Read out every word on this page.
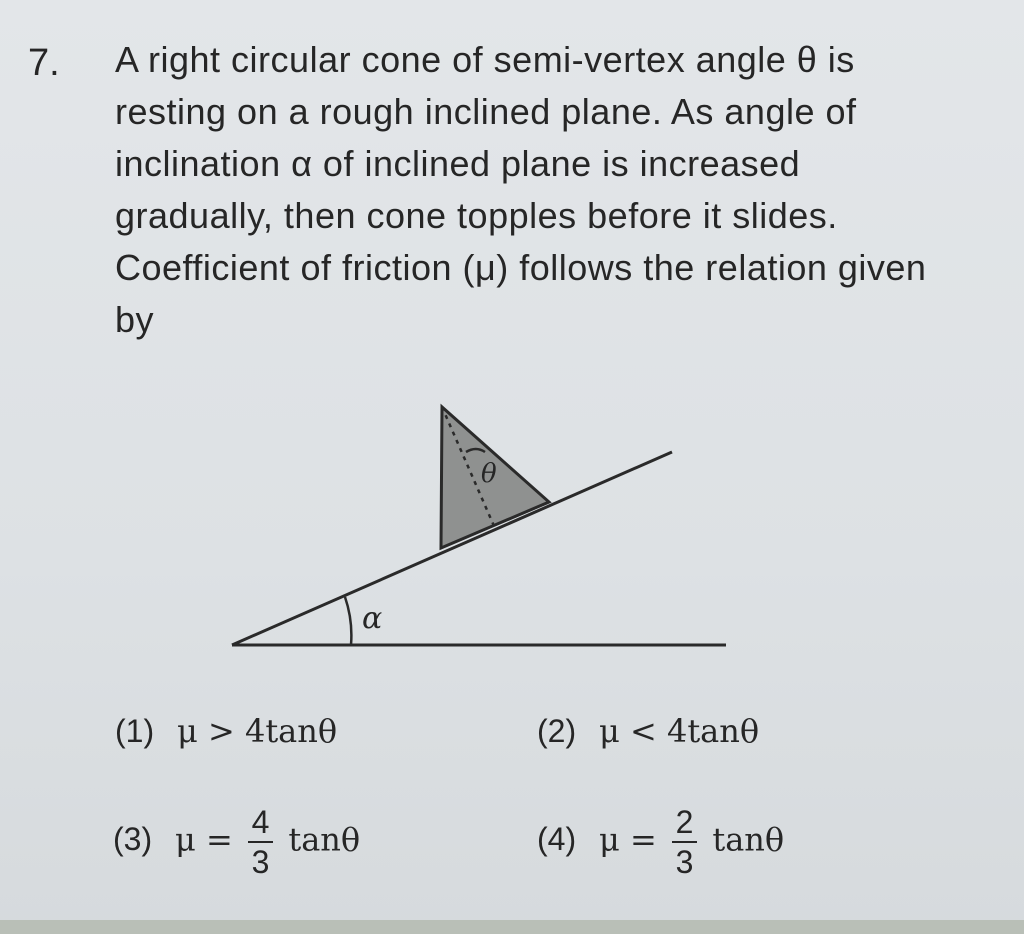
7. A right circular cone of semi-vertex angle θ is
resting on a rough inclined plane. As angle of
inclination α of inclined plane is increased
gradually, then cone topples before it slides.
Coefficient of friction (μ) follows the relation given
by

α
θ
(1) μ > 4tanθ	(2) μ < 4tanθ
(3) $\mu = \frac{4}{3}$ tanθ	(4) $\mu = \frac{2}{3}$ tanθ
